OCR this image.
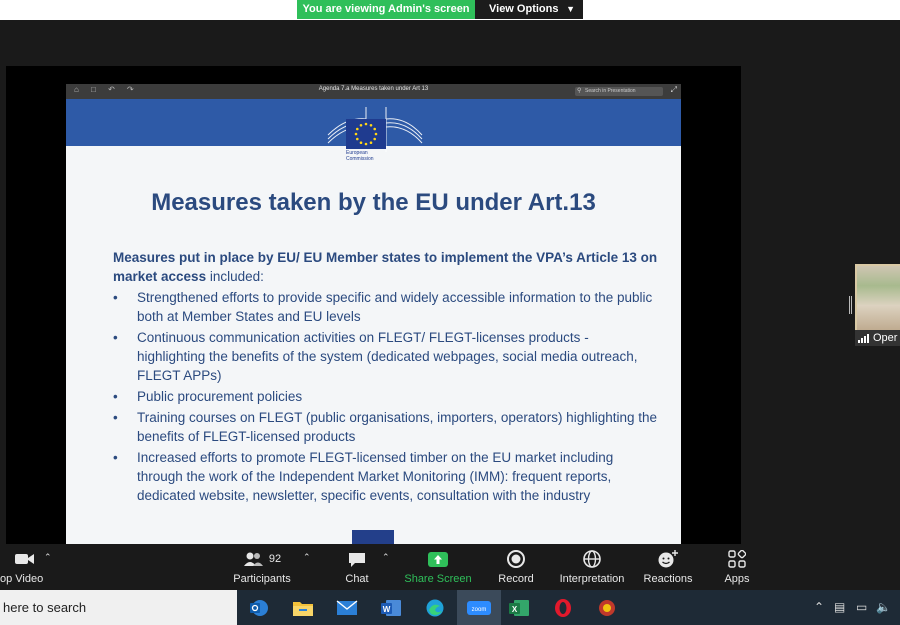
You are viewing Admin's screen	View Options ▼
⌂ □ ↶ ↷	Agenda 7.a Measures taken under Art 13	⚲ Search in Presentation	⤢
European
Commission
Measures taken by the EU under Art.13
Measures put in place by EU/ EU Member states to implement the VPA’s Article 13 on market access included:
• Strengthened efforts to provide specific and widely accessible information to the public both at Member States and EU levels
• Continuous communication activities on FLEGT/ FLEGT-licenses products - highlighting the benefits of the system (dedicated webpages, social media outreach, FLEGT APPs)
• Public procurement policies
• Training courses on FLEGT (public organisations, importers, operators) highlighting the benefits of FLEGT-licensed products
• Increased efforts to promote FLEGT-licensed timber on the EU market including through the work of the Independent Market Monitoring (IMM): frequent reports, dedicated website, newsletter, specific events, consultation with the industry
Oper
op Video
⌃	92
Participants
⌃
Chat
⌃
Share Screen	Record	Interpretation	Reactions	Apps
here to search	W	zoom	X	⌃ ▤ ▭ 🔈
